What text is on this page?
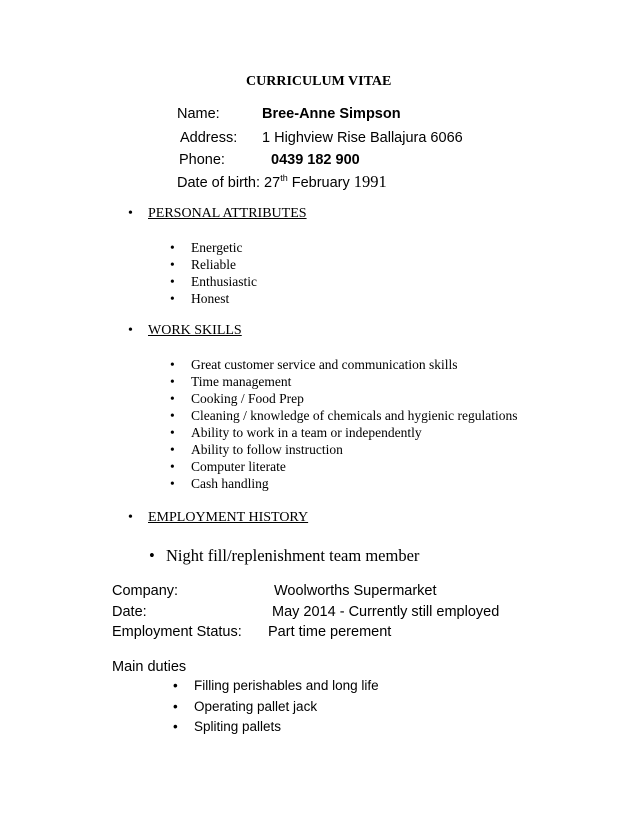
CURRICULUM VITAE
Name:	Bree-Anne Simpson
Address: 1 Highview Rise Ballajura 6066
Phone:	0439 182 900
Date of birth: 27th February 1991
• PERSONAL ATTRIBUTES
• Energetic
• Reliable
• Enthusiastic
• Honest
• WORK SKILLS
• Great customer service and communication skills
• Time management
• Cooking / Food Prep
• Cleaning / knowledge of chemicals and hygienic regulations
• Ability to work in a team or independently
• Ability to follow instruction
• Computer literate
• Cash handling
• EMPLOYMENT HISTORY
• Night fill/replenishment team member
Company:	Woolworths Supermarket
Date:	May 2014 - Currently still employed
Employment Status: Part time perement
Main duties
• Filling perishables and long life
• Operating pallet jack
• Spliting pallets
